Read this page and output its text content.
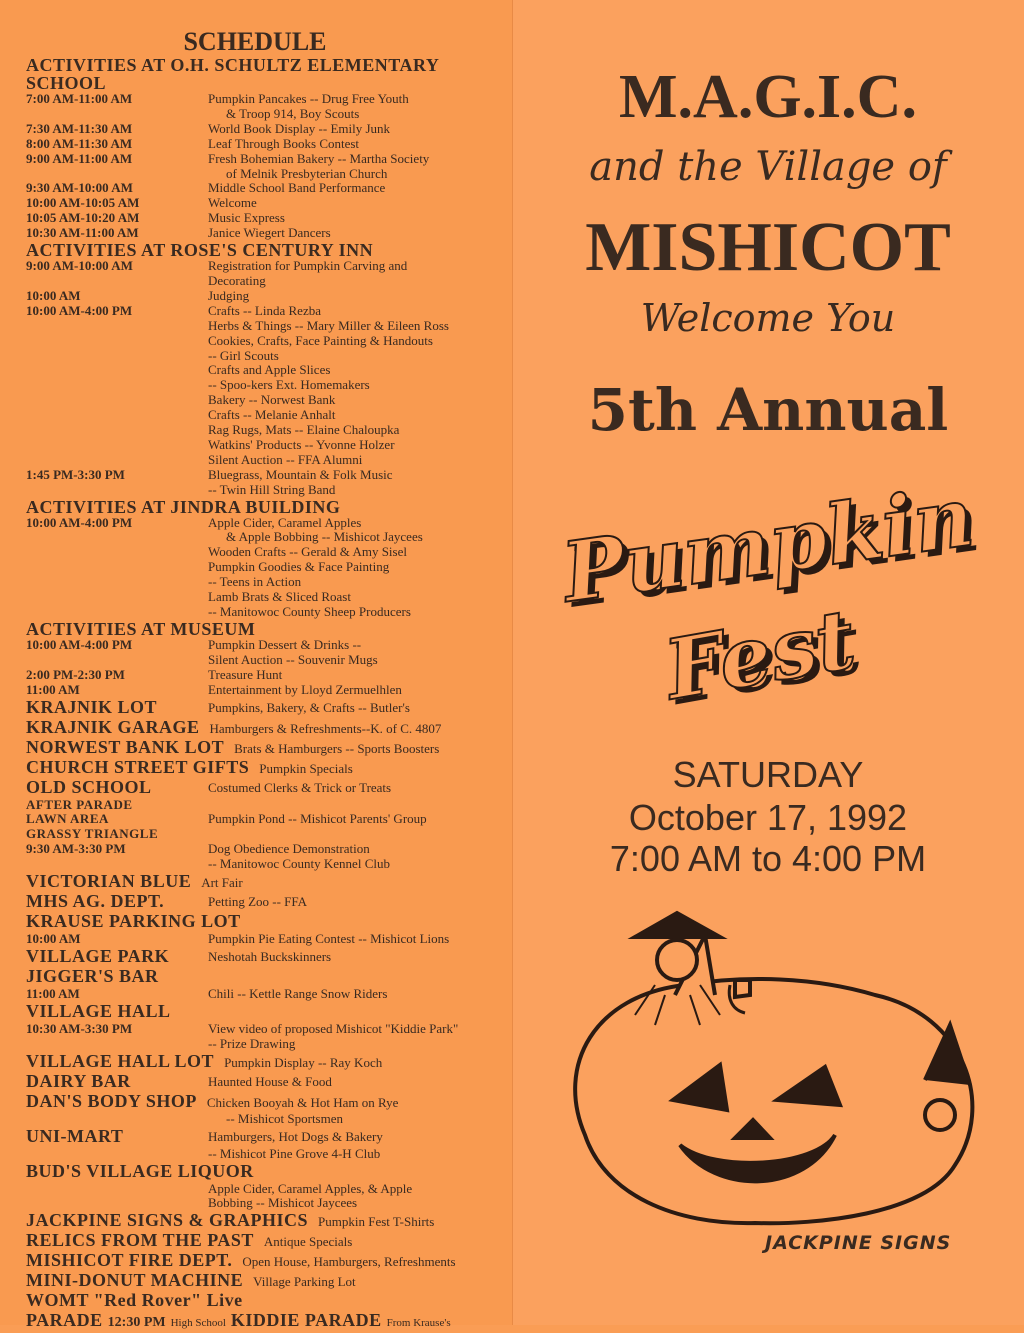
SCHEDULE
ACTIVITIES AT O.H. SCHULTZ ELEMENTARY
SCHOOL
7:00 AM-11:00 AM	Pumpkin Pancakes -- Drug Free Youth
& Troop 914, Boy Scouts
7:30 AM-11:30 AM	World Book Display -- Emily Junk
8:00 AM-11:30 AM	Leaf Through Books Contest
9:00 AM-11:00 AM	Fresh Bohemian Bakery -- Martha Society
of Melnik Presbyterian Church
9:30 AM-10:00 AM	Middle School Band Performance
10:00 AM-10:05 AM	Welcome
10:05 AM-10:20 AM	Music Express
10:30 AM-11:00 AM	Janice Wiegert Dancers
ACTIVITIES AT ROSE'S CENTURY INN
9:00 AM-10:00 AM	Registration for Pumpkin Carving and
Decorating
10:00 AM	Judging
10:00 AM-4:00 PM	Crafts -- Linda Rezba
Herbs & Things -- Mary Miller & Eileen Ross
Cookies, Crafts, Face Painting & Handouts
-- Girl Scouts
Crafts and Apple Slices
-- Spoo-kers Ext. Homemakers
Bakery -- Norwest Bank
Crafts -- Melanie Anhalt
Rag Rugs, Mats -- Elaine Chaloupka
Watkins' Products -- Yvonne Holzer
Silent Auction -- FFA Alumni
1:45 PM-3:30 PM	Bluegrass, Mountain & Folk Music
-- Twin Hill String Band
ACTIVITIES AT JINDRA BUILDING
10:00 AM-4:00 PM	Apple Cider, Caramel Apples
& Apple Bobbing -- Mishicot Jaycees
Wooden Crafts -- Gerald & Amy Sisel
Pumpkin Goodies & Face Painting
-- Teens in Action
Lamb Brats & Sliced Roast
-- Manitowoc County Sheep Producers
ACTIVITIES AT MUSEUM
10:00 AM-4:00 PM	Pumpkin Dessert & Drinks --
Silent Auction -- Souvenir Mugs
2:00 PM-2:30 PM	Treasure Hunt
11:00 AM	Entertainment by Lloyd Zermuelhlen
KRAJNIK LOT	Pumpkins, Bakery, & Crafts -- Butler's
KRAJNIK GARAGE Hamburgers & Refreshments--K. of C. 4807
NORWEST BANK LOT Brats & Hamburgers -- Sports Boosters
CHURCH STREET GIFTS Pumpkin Specials
OLD SCHOOL	Costumed Clerks & Trick or Treats
AFTER PARADE

LAWN AREA	Pumpkin Pond -- Mishicot Parents' Group
GRASSY TRIANGLE

9:30 AM-3:30 PM	Dog Obedience Demonstration
-- Manitowoc County Kennel Club
VICTORIAN BLUE Art Fair
MHS AG. DEPT.	Petting Zoo -- FFA
KRAUSE PARKING LOT
10:00 AM	Pumpkin Pie Eating Contest -- Mishicot Lions
VILLAGE PARK	Neshotah Buckskinners
JIGGER'S BAR
11:00 AM	Chili -- Kettle Range Snow Riders
VILLAGE HALL
10:30 AM-3:30 PM	View video of proposed Mishicot "Kiddie Park"
-- Prize Drawing
VILLAGE HALL LOT Pumpkin Display -- Ray Koch
DAIRY BAR	Haunted House & Food
DAN'S BODY SHOP Chicken Booyah & Hot Ham on Rye
-- Mishicot Sportsmen
UNI-MART	Hamburgers, Hot Dogs & Bakery
-- Mishicot Pine Grove 4-H Club
BUD'S VILLAGE LIQUOR
Apple Cider, Caramel Apples, & Apple
Bobbing -- Mishicot Jaycees
JACKPINE SIGNS & GRAPHICS Pumpkin Fest T-Shirts
RELICS FROM THE PAST Antique Specials
MISHICOT FIRE DEPT. Open House, Hamburgers, Refreshments
MINI-DONUT MACHINE Village Parking Lot
WOMT "Red Rover" Live
PARADE 12:30 PM High School KIDDIE PARADE From Krause's
M.A.G.I.C.
and the Village of
MISHICOT
Welcome You
5th Annual
Pumpkin
Fest
SATURDAY
October 17, 1992
7:00 AM to 4:00 PM
JACKPINE SIGNS
